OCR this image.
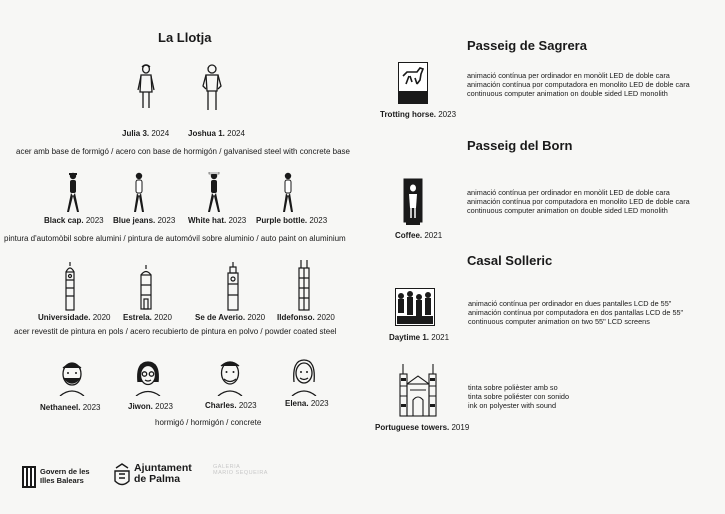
La Llotja
Julia 3. 2024 Joshua 1. 2024
acer amb base de formigó / acero con base de hormigón / galvanised steel with concrete base
Black cap. 2023 Blue jeans. 2023 White hat. 2023 Purple bottle. 2023
pintura d'automòbil sobre alumini / pintura de automóvil sobre aluminio / auto paint on aluminium
Universidade. 2020 Estrela. 2020	Se de Averio. 2020 Ildefonso. 2020
acer revestit de pintura en pols / acero recubierto de pintura en polvo / powder coated steel
Nethaneel. 2023	Jiwon. 2023	Charles. 2023	Elena. 2023
hormigó / hormigón / concrete
Passeig de Sagrera
Trotting horse. 2023
animació contínua per ordinador en monòlit LED de doble cara
animación contínua por computadora en monolito LED de doble cara
continuous computer animation on double sided LED monolith
Passeig del Born
Coffee. 2021
animació contínua per ordinador en monòlit LED de doble cara
animación contínua por computadora en monolito LED de doble cara
continuous computer animation on double sided LED monolith
Casal Solleric
Daytime 1. 2021
animació contínua per ordinador en dues pantalles LCD de 55"
animación contínua por computadora en dos pantallas LCD de 55"
continuous computer animation on two 55" LCD screens
Portuguese towers. 2019
tinta sobre polièster amb so
tinta sobre poliéster con sonido
ink on polyester with sound
Govern de les
Illes Balears
Ajuntament
de Palma
GALERIA
MARIO SEQUEIRA
